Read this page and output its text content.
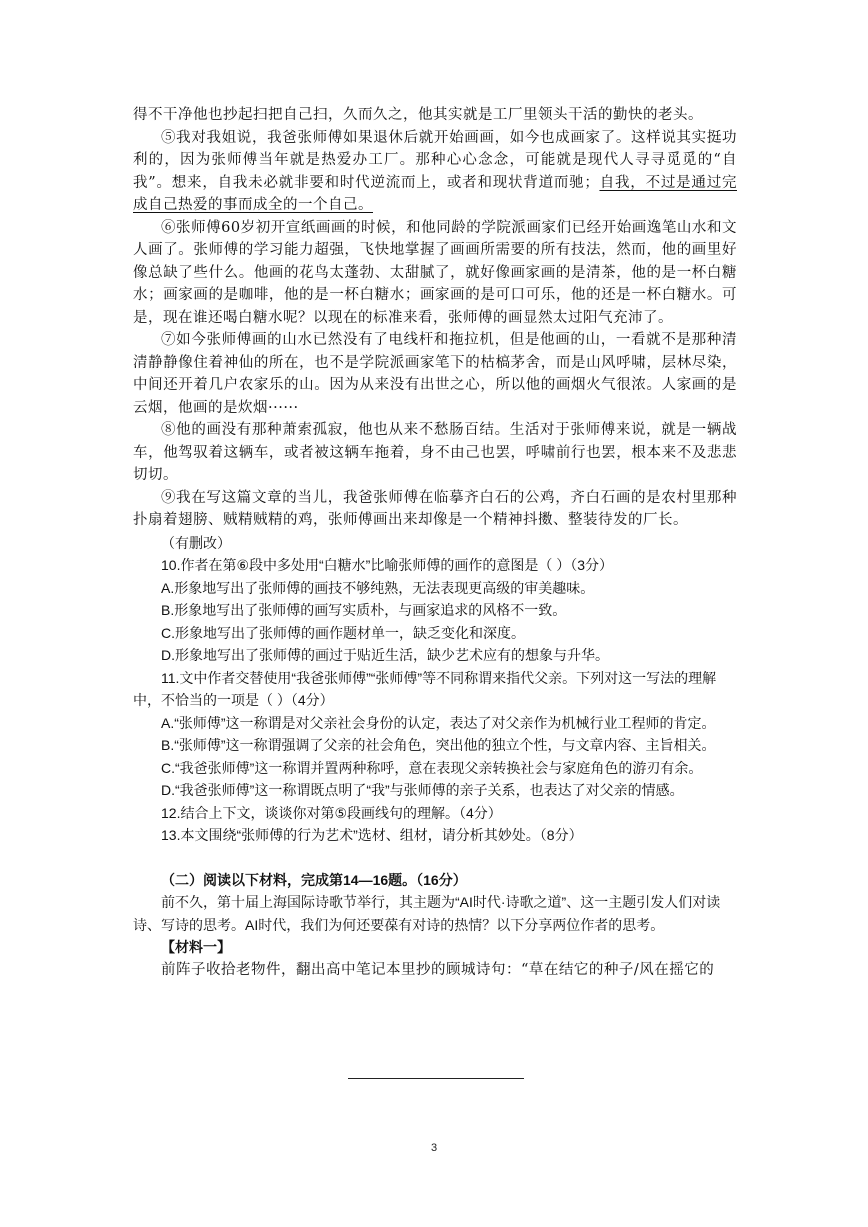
得不干净他也抄起扫把自己扫，久而久之，他其实就是工厂里领头干活的勤快的老头。

⑤我对我姐说，我爸张师傅如果退休后就开始画画，如今也成画家了。这样说其实挺功利的，因为张师傅当年就是热爱办工厂。那种心心念念，可能就是现代人寻寻觅觅的“自我”。想来，自我未必就非要和时代逆流而上，或者和现状背道而驰；自我，不过是通过完成自己热爱的事而成全的一个自己。

⑥张师傅60岁初开宣纸画画的时候，和他同龄的学院派画家们已经开始画逸笔山水和文人画了。张师傅的学习能力超强，飞快地掌握了画画所需要的所有技法，然而，他的画里好像总缺了些什么。他画的花鸟太蓬勃、太甜腻了，就好像画家画的是清茶，他的是一杯白糖水；画家画的是咖啡，他的是一杯白糖水；画家画的是可口可乐，他的还是一杯白糖水。可是，现在谁还喝白糖水呢？以现在的标准来看，张师傅的画显然太过阳气充沛了。

⑦如今张师傅画的山水已然没有了电线杆和拖拉机，但是他画的山，一看就不是那种清清静静像住着神仙的所在，也不是学院派画家笔下的枯槁茅舍，而是山风呼啸，层林尽染，中间还开着几户农家乐的山。因为从来没有出世之心，所以他的画烟火气很浓。人家画的是云烟，他画的是炊烟······

⑧他的画没有那种萧索孤寂，他也从来不愁肠百结。生活对于张师傅来说，就是一辆战车，他驾驭着这辆车，或者被这辆车拖着，身不由己也罢，呼啸前行也罢，根本来不及悲悲切切。

⑨我在写这篇文章的当儿，我爸张师傅在临摹齐白石的公鸡，齐白石画的是农村里那种扑扇着翅膀、贼精贼精的鸡，张师傅画出来却像是一个精神抖擞、整装待发的厂长。

（有删改）

10.作者在第⑥段中多处用“白糖水”比喻张师傅的画作的意图是（ ）（3分）

A.形象地写出了张师傅的画技不够纯熟，无法表现更高级的审美趣味。

B.形象地写出了张师傅的画写实质朴，与画家追求的风格不一致。

C.形象地写出了张师傅的画作题材单一，缺乏变化和深度。

D.形象地写出了张师傅的画过于贴近生活，缺少艺术应有的想象与升华。

11.文中作者交替使用“我爸张师傅”“张师傅”等不同称谓来指代父亲。下列对这一写法的理解中，不恰当的一项是（ ）（4分）

A.“张师傅”这一称谓是对父亲社会身份的认定，表达了对父亲作为机械行业工程师的肯定。

B.“张师傅”这一称谓强调了父亲的社会角色，突出他的独立个性，与文章内容、主旨相关。

C.“我爸张师傅”这一称谓并置两种称呼，意在表现父亲转换社会与家庭角色的游刃有余。

D.“我爸张师傅”这一称谓既点明了“我”与张师傅的亲子关系，也表达了对父亲的情感。

12.结合上下文，谈谈你对第⑤段画线句的理解。（4分）

13.本文围绕“张师傅的行为艺术”选材、组材，请分析其妙处。（8分）

（二）阅读以下材料，完成第14—16题。（16分）

前不久，第十届上海国际诗歌节举行，其主题为“AI时代·诗歌之道”、这一主题引发人们对读诗、写诗的思考。AI时代，我们为何还要葆有对诗的热情？以下分享两位作者的思考。

【材料一】

前阵子收拾老物件，翻出高中笔记本里抄的顾城诗句：“草在结它的种子/风在摇它的

3
